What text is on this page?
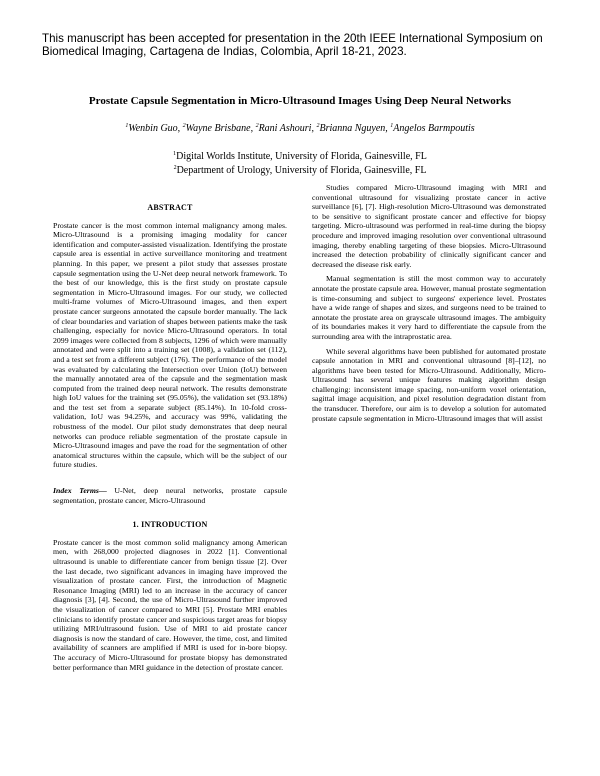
This manuscript has been accepted for presentation in the 20th IEEE International Symposium on Biomedical Imaging, Cartagena de Indias, Colombia, April 18-21, 2023.
Prostate Capsule Segmentation in Micro-Ultrasound Images Using Deep Neural Networks
$^1$Wenbin Guo, $^2$Wayne Brisbane, $^2$Rani Ashouri, $^2$Brianna Nguyen, $^1$Angelos Barmpoutis
$^1$Digital Worlds Institute, University of Florida, Gainesville, FL
$^2$Department of Urology, University of Florida, Gainesville, FL
ABSTRACT

Prostate cancer is the most common internal malignancy among males. Micro-Ultrasound is a promising imaging modality for cancer identification and computer-assisted visualization. Identifying the prostate capsule area is essential in active surveillance monitoring and treatment planning. In this paper, we present a pilot study that assesses prostate capsule segmentation using the U-Net deep neural network framework. To the best of our knowledge, this is the first study on prostate capsule segmentation in Micro-Ultrasound images. For our study, we collected multi-frame volumes of Micro-Ultrasound images, and then expert prostate cancer surgeons annotated the capsule border manually. The lack of clear boundaries and variation of shapes between patients make the task challenging, especially for novice Micro-Ultrasound operators. In total 2099 images were collected from 8 subjects, 1296 of which were manually annotated and were split into a training set (1008), a validation set (112), and a test set from a different subject (176). The performance of the model was evaluated by calculating the Intersection over Union (IoU) between the manually annotated area of the capsule and the segmentation mask computed from the trained deep neural network. The results demonstrate high IoU values for the training set (95.05%), the validation set (93.18%) and the test set from a separate subject (85.14%). In 10-fold cross-validation, IoU was 94.25%, and accuracy was 99%, validating the robustness of the model. Our pilot study demonstrates that deep neural networks can produce reliable segmentation of the prostate capsule in Micro-Ultrasound images and pave the road for the segmentation of other anatomical structures within the capsule, which will be the subject of our future studies.

Index Terms— U-Net, deep neural networks, prostate capsule segmentation, prostate cancer, Micro-Ultrasound

1. INTRODUCTION

Prostate cancer is the most common solid malignancy among American men, with 268,000 projected diagnoses in 2022 [1]. Conventional ultrasound is unable to differentiate cancer from benign tissue [2]. Over the last decade, two significant advances in imaging have improved the visualization of prostate cancer. First, the introduction of Magnetic Resonance Imaging (MRI) led to an increase in the accuracy of cancer diagnosis [3], [4]. Second, the use of Micro-Ultrasound further improved the visualization of cancer compared to MRI [5]. Prostate MRI enables clinicians to identify prostate cancer and suspicious target areas for biopsy utilizing MRI/ultrasound fusion. Use of MRI to aid prostate cancer diagnosis is now the standard of care. However, the time, cost, and limited availability of scanners are amplified if MRI is used for in-bore biopsy. The accuracy of Micro-Ultrasound for prostate biopsy has demonstrated better performance than MRI guidance in the detection of prostate cancer.

Studies compared Micro-Ultrasound imaging with MRI and conventional ultrasound for visualizing prostate cancer in active surveillance [6], [7]. High-resolution Micro-Ultrasound was demonstrated to be sensitive to significant prostate cancer and effective for biopsy targeting. Micro-ultrasound was performed in real-time during the biopsy procedure and improved imaging resolution over conventional ultrasound imaging, thereby enabling targeting of these biopsies. Micro-Ultrasound increased the detection probability of clinically significant cancer and decreased the disease risk early.

Manual segmentation is still the most common way to accurately annotate the prostate capsule area. However, manual prostate segmentation is time-consuming and subject to surgeons' experience level. Prostates have a wide range of shapes and sizes, and surgeons need to be trained to annotate the prostate area on grayscale ultrasound images. The ambiguity of its boundaries makes it very hard to differentiate the capsule from the surrounding area with the intraprostatic area.

While several algorithms have been published for automated prostate capsule annotation in MRI and conventional ultrasound [8]–[12], no algorithms have been tested for Micro-Ultrasound. Additionally, Micro-Ultrasound has several unique features making algorithm design challenging: inconsistent image spacing, non-uniform voxel orientation, sagittal image acquisition, and pixel resolution degradation distant from the transducer. Therefore, our aim is to develop a solution for automated prostate capsule segmentation in Micro-Ultrasound images that will assist
